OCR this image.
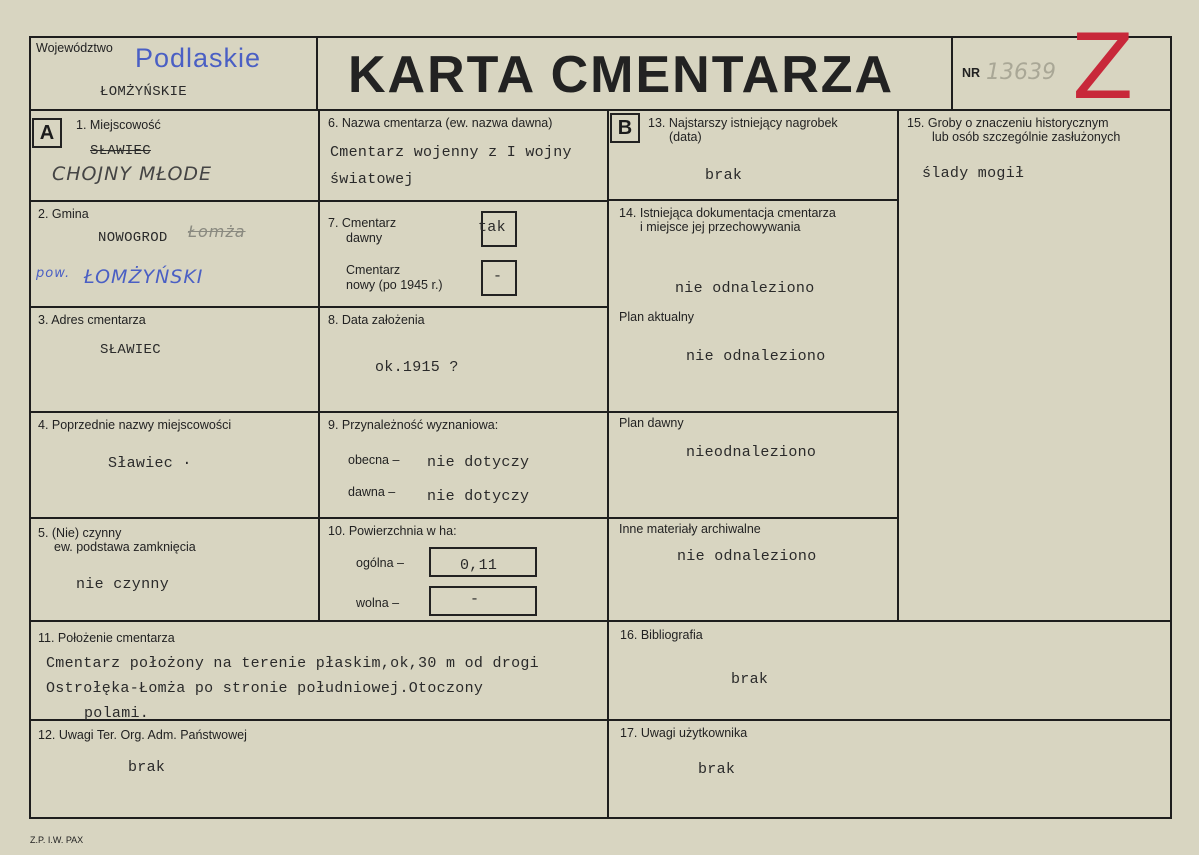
Województwo Podlaskie
ŁOMŻYŃSKIE	KARTA CMENTARZA	NR 13639 Z
A	1. Miejscowość
SŁAWIEC
CHOJNY MŁODE
2. Gmina
NOWOGROD Łomża
pow. ŁOMŻYŃSKI
3. Adres cmentarza
SŁAWIEC
4. Poprzednie nazwy miejscowości
Sławiec ·
5. (Nie) czynny
ew. podstawa zamknięcia
nie czynny
6. Nazwa cmentarza (ew. nazwa dawna)
Cmentarz wojenny z I wojny
światowej
7. Cmentarz
dawny
tak
Cmentarz
nowy (po 1945 r.)	-
8. Data założenia
ok.1915 ?
9. Przynależność wyznaniowa:
obecna – nie dotyczy
dawna – nie dotyczy
10. Powierzchnia w ha:
ogólna –	0,11
wolna –	-
B	13. Najstarszy istniejący nagrobek
(data)
brak
14. Istniejąca dokumentacja cmentarza
i miejsce jej przechowywania
nie odnaleziono
Plan aktualny
nie odnaleziono
Plan dawny
nieodnaleziono
Inne materiały archiwalne
nie odnaleziono
15. Groby o znaczeniu historycznym
lub osób szczególnie zasłużonych
ślady mogił
11. Położenie cmentarza
Cmentarz położony na terenie płaskim,ok,30 m od drogi
Ostrołęka-Łomża po stronie południowej.Otoczony
polami.
16. Bibliografia
brak
12. Uwagi Ter. Org. Adm. Państwowej
brak
17. Uwagi użytkownika
brak
Z.P. I.W. PAX
